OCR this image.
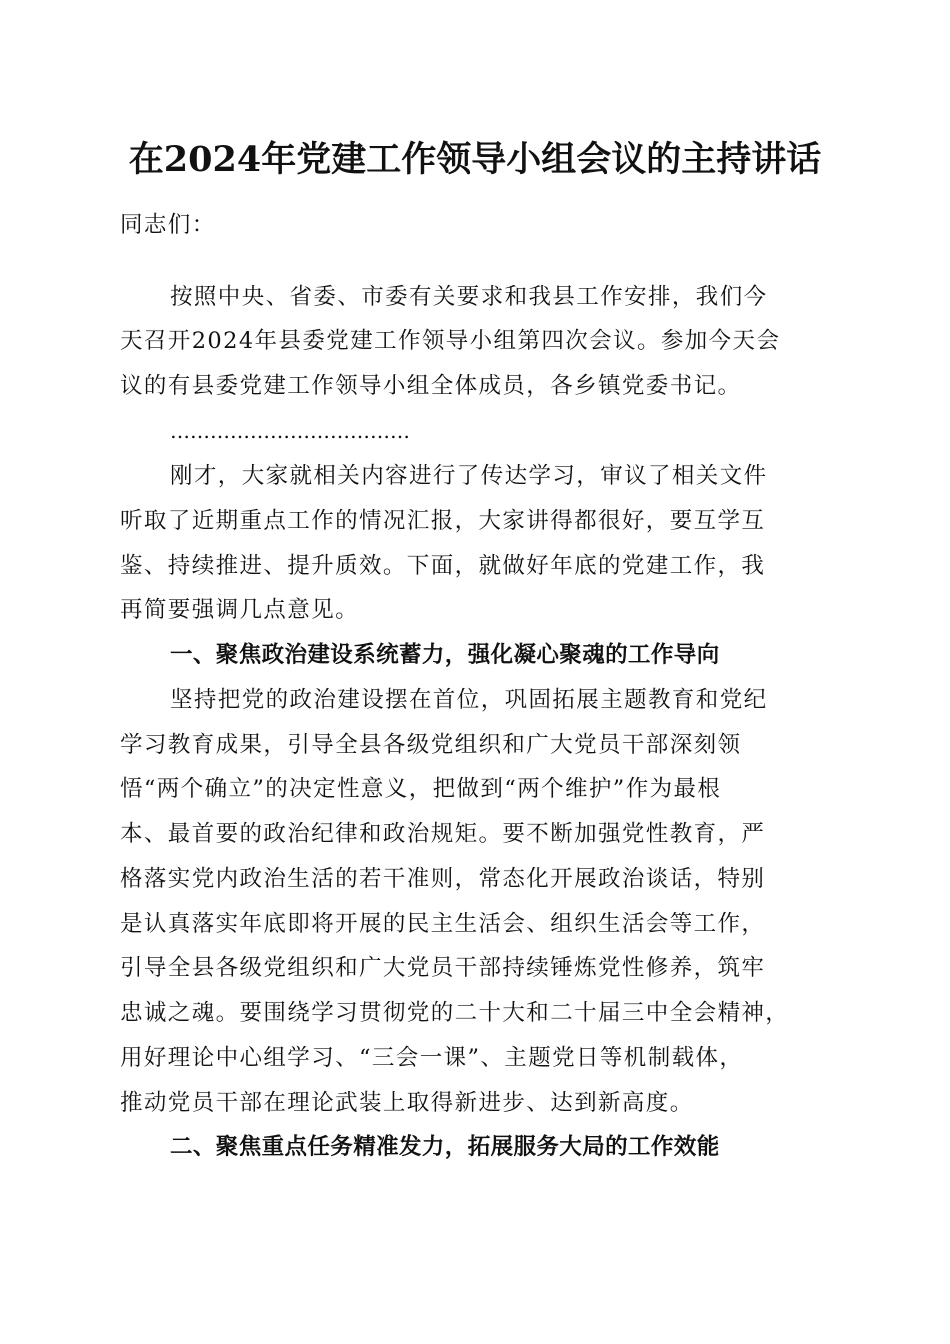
在2024年党建工作领导小组会议的主持讲话
同志们：
按照中央、省委、市委有关要求和我县工作安排，我们今
天召开2024年县委党建工作领导小组第四次会议。参加今天会
议的有县委党建工作领导小组全体成员，各乡镇党委书记。
………………………………
刚才，大家就相关内容进行了传达学习，审议了相关文件
听取了近期重点工作的情况汇报，大家讲得都很好，要互学互
鉴、持续推进、提升质效。下面，就做好年底的党建工作，我
再简要强调几点意见。
一、聚焦政治建设系统蓄力，强化凝心聚魂的工作导向
坚持把党的政治建设摆在首位，巩固拓展主题教育和党纪
学习教育成果，引导全县各级党组织和广大党员干部深刻领
悟“两个确立”的决定性意义，把做到“两个维护”作为最根
本、最首要的政治纪律和政治规矩。要不断加强党性教育，严
格落实党内政治生活的若干准则，常态化开展政治谈话，特别
是认真落实年底即将开展的民主生活会、组织生活会等工作，
引导全县各级党组织和广大党员干部持续锤炼党性修养，筑牢
忠诚之魂。要围绕学习贯彻党的二十大和二十届三中全会精神，
用好理论中心组学习、“三会一课”、主题党日等机制载体，
推动党员干部在理论武装上取得新进步、达到新高度。
二、聚焦重点任务精准发力，拓展服务大局的工作效能
